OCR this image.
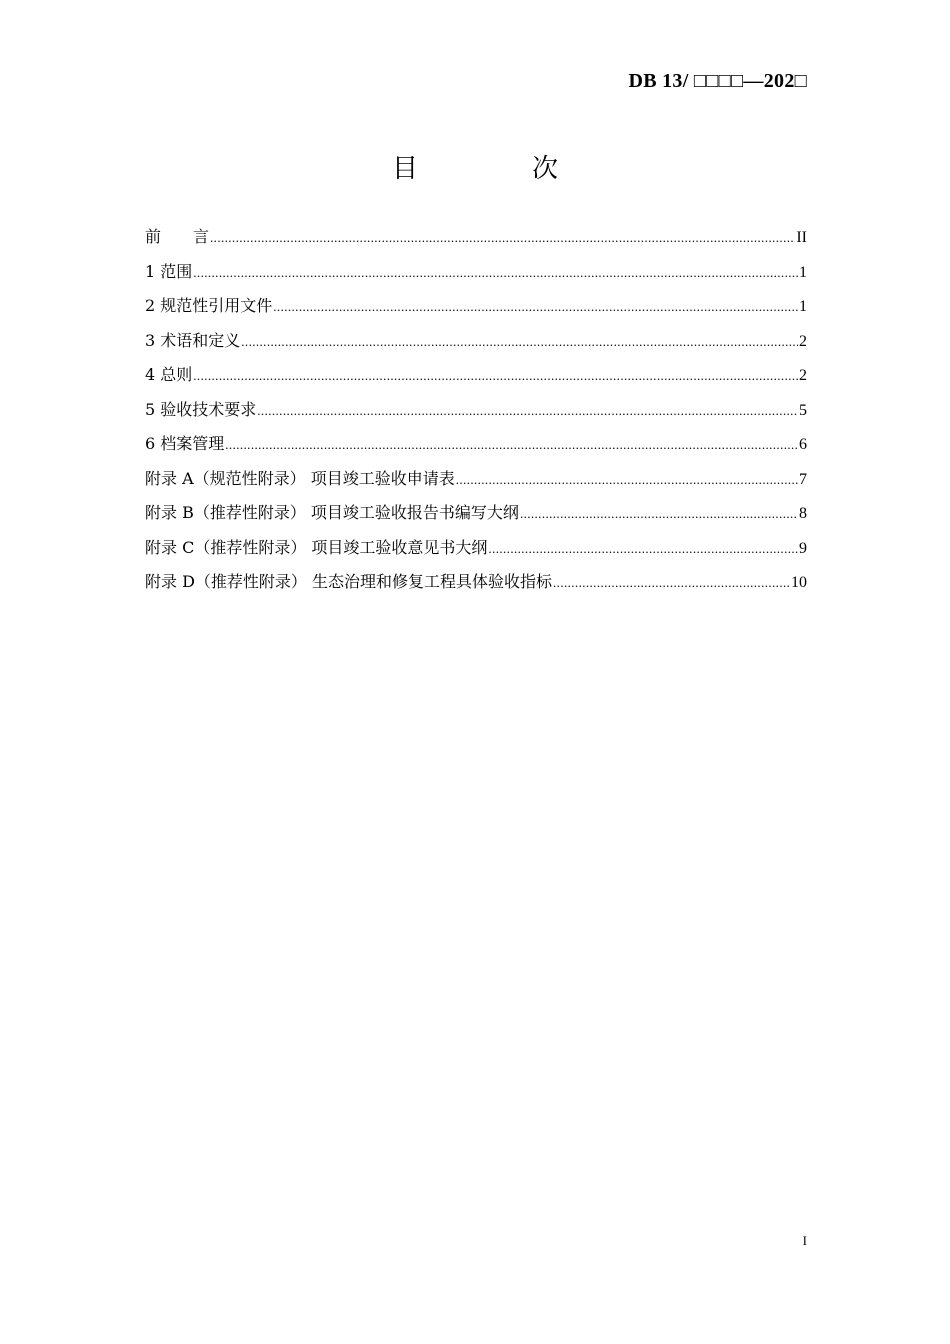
DB 13/ □□□□—202□
目　次
前　　言 .....	II
1 范围 .....	1
2 规范性引用文件 .....	1
3 术语和定义 .....	2
4 总则 .....	2
5 验收技术要求 .....	5
6 档案管理 .....	6
附录 A（规范性附录） 项目竣工验收申请表 .....	7
附录 B（推荐性附录） 项目竣工验收报告书编写大纲 .....	8
附录 C（推荐性附录） 项目竣工验收意见书大纲 .....	9
附录 D（推荐性附录） 生态治理和修复工程具体验收指标 .....	10
I
